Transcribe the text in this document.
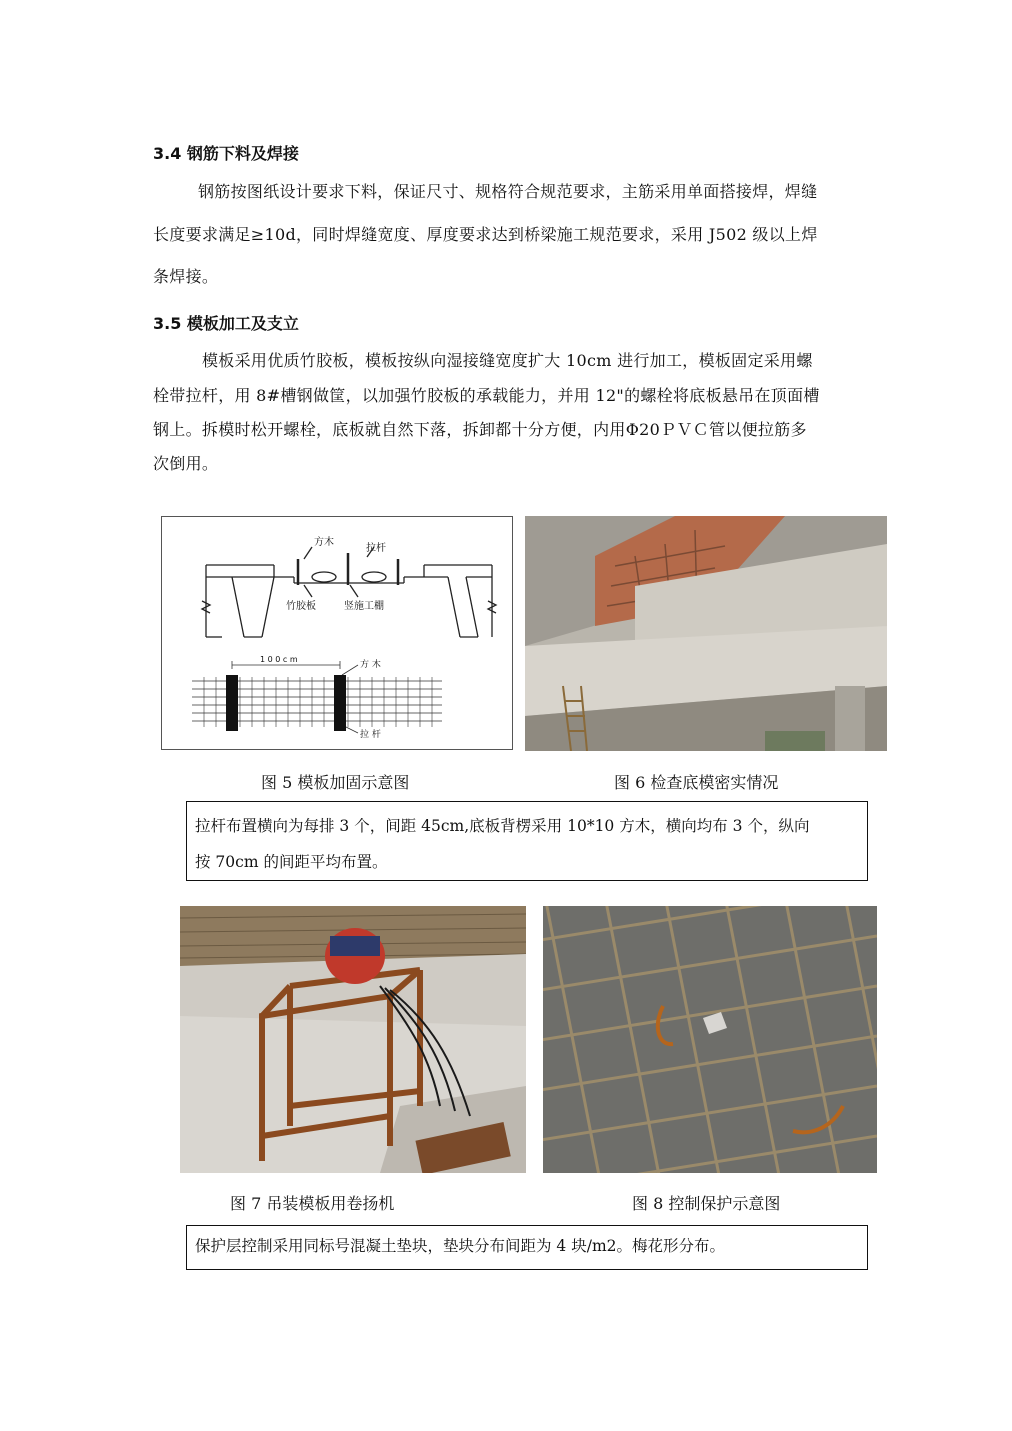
3.4 钢筋下料及焊接
钢筋按图纸设计要求下料，保证尺寸、规格符合规范要求，主筋采用单面搭接焊，焊缝
长度要求满足≥10d，同时焊缝宽度、厚度要求达到桥梁施工规范要求，采用 J502 级以上焊
条焊接。
3.5 模板加工及支立
模板采用优质竹胶板，模板按纵向湿接缝宽度扩大 10cm 进行加工，模板固定采用螺
栓带拉杆，用 8#槽钢做筐，以加强竹胶板的承载能力，并用 12"的螺栓将底板悬吊在顶面槽
钢上。拆模时松开螺栓，底板就自然下落，拆卸都十分方便，内用Φ20ＰＶＣ管以便拉筋多
次倒用。
方木
拉杆
竹胶板	竖施工棚
1 0 0 c m
方 木
拉 杆
图 5 模板加固示意图	图 6 检查底模密实情况
拉杆布置横向为每排 3 个，间距 45cm,底板背楞采用 10*10 方木，横向均布 3 个，纵向
按 70cm 的间距平均布置。
图 7 吊装模板用卷扬机	图 8 控制保护示意图
保护层控制采用同标号混凝土垫块，垫块分布间距为 4 块/m2。梅花形分布。
